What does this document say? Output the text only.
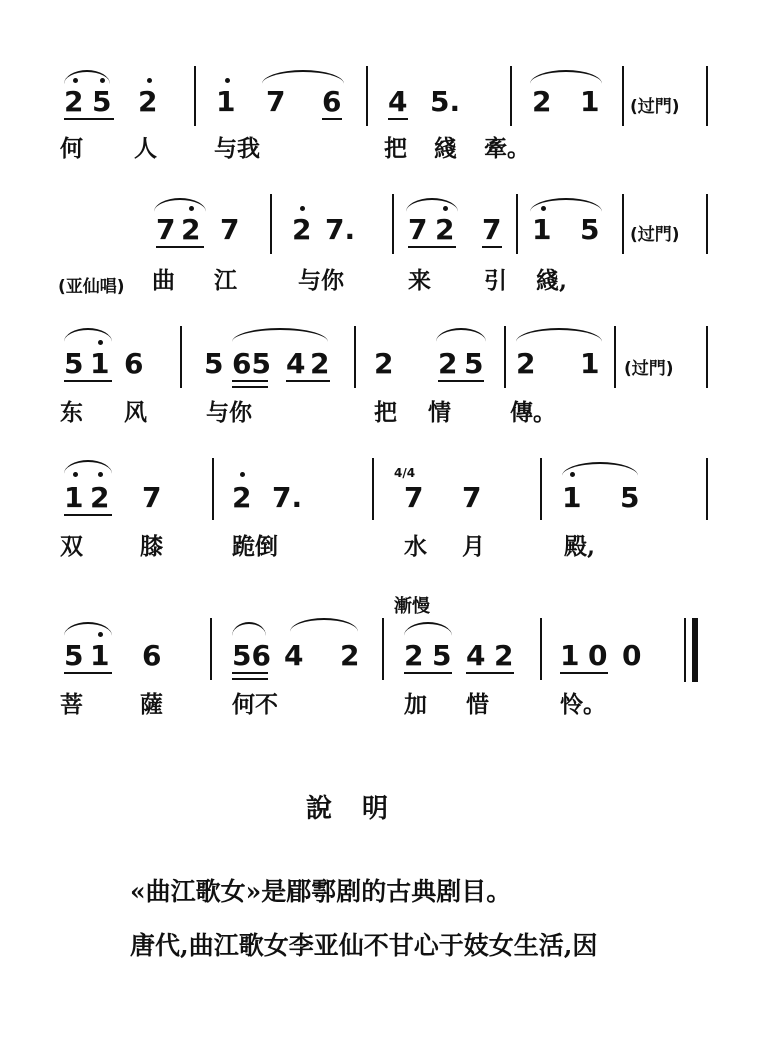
2 5 2 1 7 6 4 5.	2 1 (过門)
何 人 与我	把 綫 牽。
7 2 7 2 7. 7 2 7 1 5 (过門)
(亚仙唱) 曲 江	与你	来 引 綫,
5 1 6 5 65 4 2 2 2 5 2 1 (过門)
东 风	与你	把 情	傳。
1 2 7	2 7.
4/4
7 7	1 5
双 膝	跪倒	水 月	殿,
漸慢
5 1 6	56 4 2 2 5 4 2 1 0 0
菩 薩	何不	加 惜	怜。
說　明
«曲江歌女»是郿鄠剧的古典剧目。
唐代,曲江歌女李亚仙不甘心于妓女生活,因
